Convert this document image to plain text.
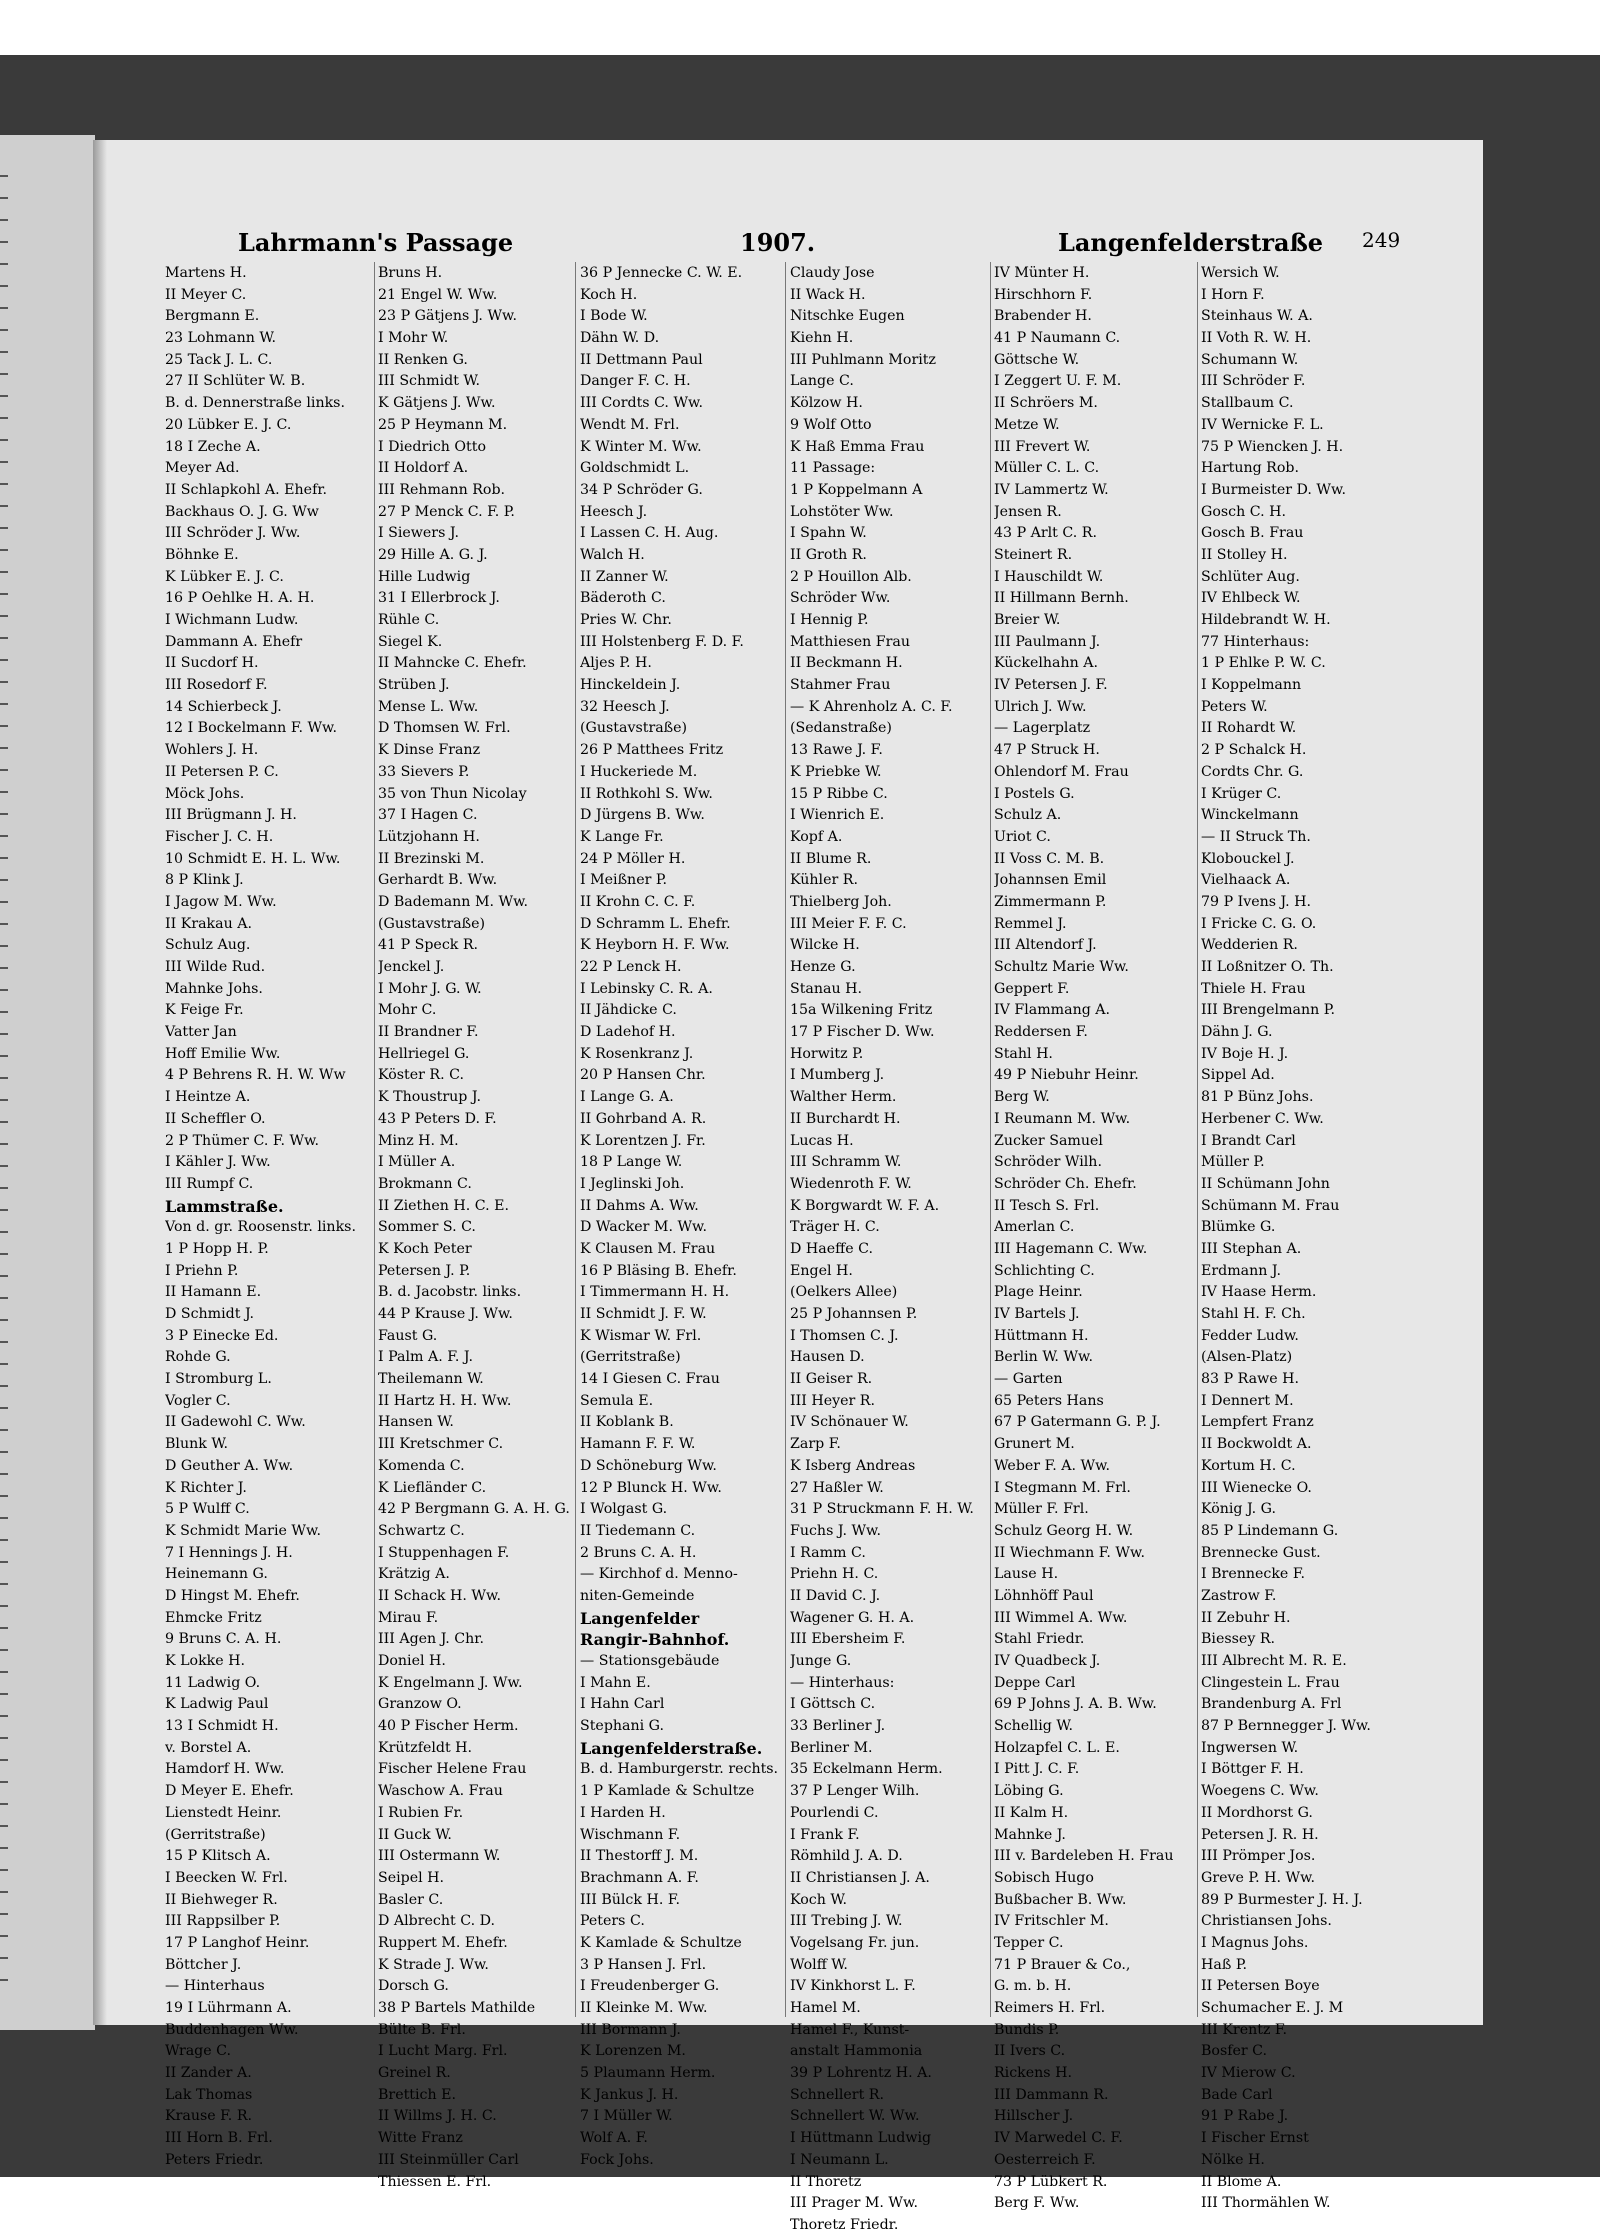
Lahrmann's Passage	1907.	Langenfelderstraße 249
Martens H.
II Meyer C.
Bergmann E.
23 Lohmann W.
25 Tack J. L. C.
27 II Schlüter W. B.
B. d. Dennerstraße links.
20 Lübker E. J. C.
18 I Zeche A.
Meyer Ad.
II Schlapkohl A. Ehefr.
Backhaus O. J. G. Ww
III Schröder J. Ww.
Böhnke E.
K Lübker E. J. C.
16 P Oehlke H. A. H.
I Wichmann Ludw.
Dammann A. Ehefr
II Sucdorf H.
III Rosedorf F.
14 Schierbeck J.
12 I Bockelmann F. Ww.
Wohlers J. H.
II Petersen P. C.
Möck Johs.
III Brügmann J. H.
Fischer J. C. H.
10 Schmidt E. H. L. Ww.
8 P Klink J.
I Jagow M. Ww.
II Krakau A.
Schulz Aug.
III Wilde Rud.
Mahnke Johs.
K Feige Fr.
Vatter Jan
Hoff Emilie Ww.
4 P Behrens R. H. W. Ww
I Heintze A.
II Scheffler O.
2 P Thümer C. F. Ww.
I Kähler J. Ww.
III Rumpf C.
Lammstraße.
Von d. gr. Roosenstr. links.
1 P Hopp H. P.
I Priehn P.
II Hamann E.
D Schmidt J.
3 P Einecke Ed.
Rohde G.
I Stromburg L.
Vogler C.
II Gadewohl C. Ww.
Blunk W.
D Geuther A. Ww.
K Richter J.
5 P Wulff C.
K Schmidt Marie Ww.
7 I Hennings J. H.
Heinemann G.
D Hingst M. Ehefr.
Ehmcke Fritz
9 Bruns C. A. H.
K Lokke H.
11 Ladwig O.
K Ladwig Paul
13 I Schmidt H.
v. Borstel A.
Hamdorf H. Ww.
D Meyer E. Ehefr.
Lienstedt Heinr.
(Gerritstraße)
15 P Klitsch A.
I Beecken W. Frl.
II Biehweger R.
III Rappsilber P.
17 P Langhof Heinr.
Böttcher J.
— Hinterhaus
19 I Lührmann A.
Buddenhagen Ww.
Wrage C.
II Zander A.
Lak Thomas
Krause F. R.
III Horn B. Frl.
Peters Friedr.
Bruns H.
21 Engel W. Ww.
23 P Gätjens J. Ww.
I Mohr W.
II Renken G.
III Schmidt W.
K Gätjens J. Ww.
25 P Heymann M.
I Diedrich Otto
II Holdorf A.
III Rehmann Rob.
27 P Menck C. F. P.
I Siewers J.
29 Hille A. G. J.
Hille Ludwig
31 I Ellerbrock J.
Rühle C.
Siegel K.
II Mahncke C. Ehefr.
Strüben J.
Mense L. Ww.
D Thomsen W. Frl.
K Dinse Franz
33 Sievers P.
35 von Thun Nicolay
37 I Hagen C.
Lützjohann H.
II Brezinski M.
Gerhardt B. Ww.
D Bademann M. Ww.
(Gustavstraße)
41 P Speck R.
Jenckel J.
I Mohr J. G. W.
Mohr C.
II Brandner F.
Hellriegel G.
Köster R. C.
K Thoustrup J.
43 P Peters D. F.
Minz H. M.
I Müller A.
Brokmann C.
II Ziethen H. C. E.
Sommer S. C.
K Koch Peter
Petersen J. P.
B. d. Jacobstr. links.
44 P Krause J. Ww.
Faust G.
I Palm A. F. J.
Theilemann W.
II Hartz H. H. Ww.
Hansen W.
III Kretschmer C.
Komenda C.
K Liefländer C.
42 P Bergmann G. A. H. G.
Schwartz C.
I Stuppenhagen F.
Krätzig A.
II Schack H. Ww.
Mirau F.
III Agen J. Chr.
Doniel H.
K Engelmann J. Ww.
Granzow O.
40 P Fischer Herm.
Krützfeldt H.
Fischer Helene Frau
Waschow A. Frau
I Rubien Fr.
II Guck W.
III Ostermann W.
Seipel H.
Basler C.
D Albrecht C. D.
Ruppert M. Ehefr.
K Strade J. Ww.
Dorsch G.
38 P Bartels Mathilde
Bülte B. Frl.
I Lucht Marg. Frl.
Greinel R.
Brettich E.
II Willms J. H. C.
Witte Franz
III Steinmüller Carl
Thiessen E. Frl.
36 P Jennecke C. W. E.
Koch H.
I Bode W.
Dähn W. D.
II Dettmann Paul
Danger F. C. H.
III Cordts C. Ww.
Wendt M. Frl.
K Winter M. Ww.
Goldschmidt L.
34 P Schröder G.
Heesch J.
I Lassen C. H. Aug.
Walch H.
II Zanner W.
Bäderoth C.
Pries W. Chr.
III Holstenberg F. D. F.
Aljes P. H.
Hinckeldein J.
32 Heesch J.
(Gustavstraße)
26 P Matthees Fritz
I Huckeriede M.
II Rothkohl S. Ww.
D Jürgens B. Ww.
K Lange Fr.
24 P Möller H.
I Meißner P.
II Krohn C. C. F.
D Schramm L. Ehefr.
K Heyborn H. F. Ww.
22 P Lenck H.
I Lebinsky C. R. A.
II Jähdicke C.
D Ladehof H.
K Rosenkranz J.
20 P Hansen Chr.
I Lange G. A.
II Gohrband A. R.
K Lorentzen J. Fr.
18 P Lange W.
I Jeglinski Joh.
II Dahms A. Ww.
D Wacker M. Ww.
K Clausen M. Frau
16 P Bläsing B. Ehefr.
I Timmermann H. H.
II Schmidt J. F. W.
K Wismar W. Frl.
(Gerritstraße)
14 I Giesen C. Frau
Semula E.
II Koblank B.
Hamann F. F. W.
D Schöneburg Ww.
12 P Blunck H. Ww.
I Wolgast G.
II Tiedemann C.
2 Bruns C. A. H.
— Kirchhof d. Menno-
niten-Gemeinde
Langenfelder
Rangir-Bahnhof.
— Stationsgebäude
I Mahn E.
I Hahn Carl
Stephani G.
Langenfelderstraße.
B. d. Hamburgerstr. rechts.
1 P Kamlade & Schultze
I Harden H.
Wischmann F.
II Thestorff J. M.
Brachmann A. F.
III Bülck H. F.
Peters C.
K Kamlade & Schultze
3 P Hansen J. Frl.
I Freudenberger G.
II Kleinke M. Ww.
III Bormann J.
K Lorenzen M.
5 Plaumann Herm.
K Jankus J. H.
7 I Müller W.
Wolf A. F.
Fock Johs.
Claudy Jose
II Wack H.
Nitschke Eugen
Kiehn H.
III Puhlmann Moritz
Lange C.
Kölzow H.
9 Wolf Otto
K Haß Emma Frau
11 Passage:
1 P Koppelmann A
Lohstöter Ww.
I Spahn W.
II Groth R.
2 P Houillon Alb.
Schröder Ww.
I Hennig P.
Matthiesen Frau
II Beckmann H.
Stahmer Frau
— K Ahrenholz A. C. F.
(Sedanstraße)
13 Rawe J. F.
K Priebke W.
15 P Ribbe C.
I Wienrich E.
Kopf A.
II Blume R.
Kühler R.
Thielberg Joh.
III Meier F. F. C.
Wilcke H.
Henze G.
Stanau H.
15a Wilkening Fritz
17 P Fischer D. Ww.
Horwitz P.
I Mumberg J.
Walther Herm.
II Burchardt H.
Lucas H.
III Schramm W.
Wiedenroth F. W.
K Borgwardt W. F. A.
Träger H. C.
D Haeffe C.
Engel H.
(Oelkers Allee)
25 P Johannsen P.
I Thomsen C. J.
Hausen D.
II Geiser R.
III Heyer R.
IV Schönauer W.
Zarp F.
K Isberg Andreas
27 Haßler W.
31 P Struckmann F. H. W.
Fuchs J. Ww.
I Ramm C.
Priehn H. C.
II David C. J.
Wagener G. H. A.
III Ebersheim F.
Junge G.
— Hinterhaus:
I Göttsch C.
33 Berliner J.
Berliner M.
35 Eckelmann Herm.
37 P Lenger Wilh.
Pourlendi C.
I Frank F.
Römhild J. A. D.
II Christiansen J. A.
Koch W.
III Trebing J. W.
Vogelsang Fr. jun.
Wolff W.
IV Kinkhorst L. F.
Hamel M.
Hamel F., Kunst-
anstalt Hammonia
39 P Lohrentz H. A.
Schnellert R.
Schnellert W. Ww.
I Hüttmann Ludwig
I Neumann L.
II Thoretz
III Prager M. Ww.
Thoretz Friedr.
IV Münter H.
Hirschhorn F.
Brabender H.
41 P Naumann C.
Göttsche W.
I Zeggert U. F. M.
II Schröers M.
Metze W.
III Frevert W.
Müller C. L. C.
IV Lammertz W.
Jensen R.
43 P Arlt C. R.
Steinert R.
I Hauschildt W.
II Hillmann Bernh.
Breier W.
III Paulmann J.
Kückelhahn A.
IV Petersen J. F.
Ulrich J. Ww.
— Lagerplatz
47 P Struck H.
Ohlendorf M. Frau
I Postels G.
Schulz A.
Uriot C.
II Voss C. M. B.
Johannsen Emil
Zimmermann P.
Remmel J.
III Altendorf J.
Schultz Marie Ww.
Geppert F.
IV Flammang A.
Reddersen F.
Stahl H.
49 P Niebuhr Heinr.
Berg W.
I Reumann M. Ww.
Zucker Samuel
Schröder Wilh.
Schröder Ch. Ehefr.
II Tesch S. Frl.
Amerlan C.
III Hagemann C. Ww.
Schlichting C.
Plage Heinr.
IV Bartels J.
Hüttmann H.
Berlin W. Ww.
— Garten
65 Peters Hans
67 P Gatermann G. P. J.
Grunert M.
Weber F. A. Ww.
I Stegmann M. Frl.
Müller F. Frl.
Schulz Georg H. W.
II Wiechmann F. Ww.
Lause H.
Löhnhöff Paul
III Wimmel A. Ww.
Stahl Friedr.
IV Quadbeck J.
Deppe Carl
69 P Johns J. A. B. Ww.
Schellig W.
Holzapfel C. L. E.
I Pitt J. C. F.
Löbing G.
II Kalm H.
Mahnke J.
III v. Bardeleben H. Frau
Sobisch Hugo
Bußbacher B. Ww.
IV Fritschler M.
Tepper C.
71 P Brauer & Co.,
G. m. b. H.
Reimers H. Frl.
Bundis P.
II Ivers C.
Rickens H.
III Dammann R.
Hillscher J.
IV Marwedel C. F.
Oesterreich F.
73 P Lübkert R.
Berg F. Ww.
Wersich W.
I Horn F.
Steinhaus W. A.
II Voth R. W. H.
Schumann W.
III Schröder F.
Stallbaum C.
IV Wernicke F. L.
75 P Wiencken J. H.
Hartung Rob.
I Burmeister D. Ww.
Gosch C. H.
Gosch B. Frau
II Stolley H.
Schlüter Aug.
IV Ehlbeck W.
Hildebrandt W. H.
77 Hinterhaus:
1 P Ehlke P. W. C.
I Koppelmann
Peters W.
II Rohardt W.
2 P Schalck H.
Cordts Chr. G.
I Krüger C.
Winckelmann
— II Struck Th.
Klobouckel J.
Vielhaack A.
79 P Ivens J. H.
I Fricke C. G. O.
Wedderien R.
II Loßnitzer O. Th.
Thiele H. Frau
III Brengelmann P.
Dähn J. G.
IV Boje H. J.
Sippel Ad.
81 P Bünz Johs.
Herbener C. Ww.
I Brandt Carl
Müller P.
II Schümann John
Schümann M. Frau
Blümke G.
III Stephan A.
Erdmann J.
IV Haase Herm.
Stahl H. F. Ch.
Fedder Ludw.
(Alsen-Platz)
83 P Rawe H.
I Dennert M.
Lempfert Franz
II Bockwoldt A.
Kortum H. C.
III Wienecke O.
König J. G.
85 P Lindemann G.
Brennecke Gust.
I Brennecke F.
Zastrow F.
II Zebuhr H.
Biessey R.
III Albrecht M. R. E.
Clingestein L. Frau
Brandenburg A. Frl
87 P Bernnegger J. Ww.
Ingwersen W.
I Böttger F. H.
Woegens C. Ww.
II Mordhorst G.
Petersen J. R. H.
III Prömper Jos.
Greve P. H. Ww.
89 P Burmester J. H. J.
Christiansen Johs.
I Magnus Johs.
Haß P.
II Petersen Boye
Schumacher E. J. M
III Krentz F.
Bosfer C.
IV Mierow C.
Bade Carl
91 P Rabe J.
I Fischer Ernst
Nölke H.
II Blome A.
III Thormählen W.
